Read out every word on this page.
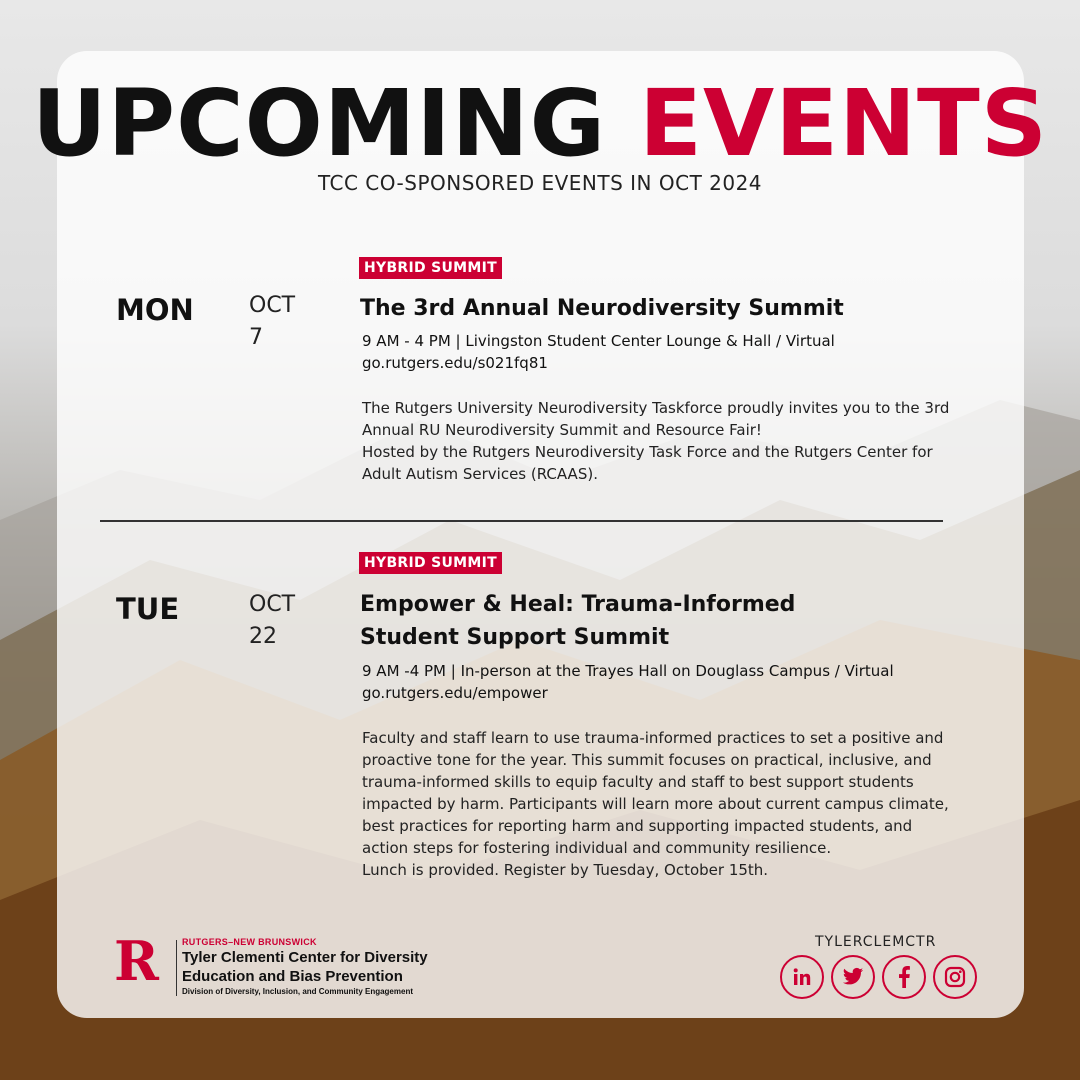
UPCOMING EVENTS
TCC CO-SPONSORED EVENTS IN OCT 2024
HYBRID SUMMIT
MON	OCT
7
The 3rd Annual Neurodiversity Summit
9 AM - 4 PM | Livingston Student Center Lounge & Hall / Virtual
go.rutgers.edu/s021fq81

The Rutgers University Neurodiversity Taskforce proudly invites you to the 3rd Annual RU Neurodiversity Summit and Resource Fair!

Hosted by the Rutgers Neurodiversity Task Force and the Rutgers Center for Adult Autism Services (RCAAS).

HYBRID SUMMIT
TUE	OCT
22
Empower & Heal: Trauma-Informed
Student Support Summit
9 AM -4 PM | In-person at the Trayes Hall on Douglass Campus / Virtual
go.rutgers.edu/empower

Faculty and staff learn to use trauma-informed practices to set a positive and proactive tone for the year. This summit focuses on practical, inclusive, and trauma-informed skills to equip faculty and staff to best support students impacted by harm. Participants will learn more about current campus climate, best practices for reporting harm and supporting impacted students, and action steps for fostering individual and community resilience.

Lunch is provided. Register by Tuesday, October 15th.

R	RUTGERS–NEW BRUNSWICK
Tyler Clementi Center for Diversity
Education and Bias Prevention
Division of Diversity, Inclusion, and Community Engagement
TYLERCLEMCTR
